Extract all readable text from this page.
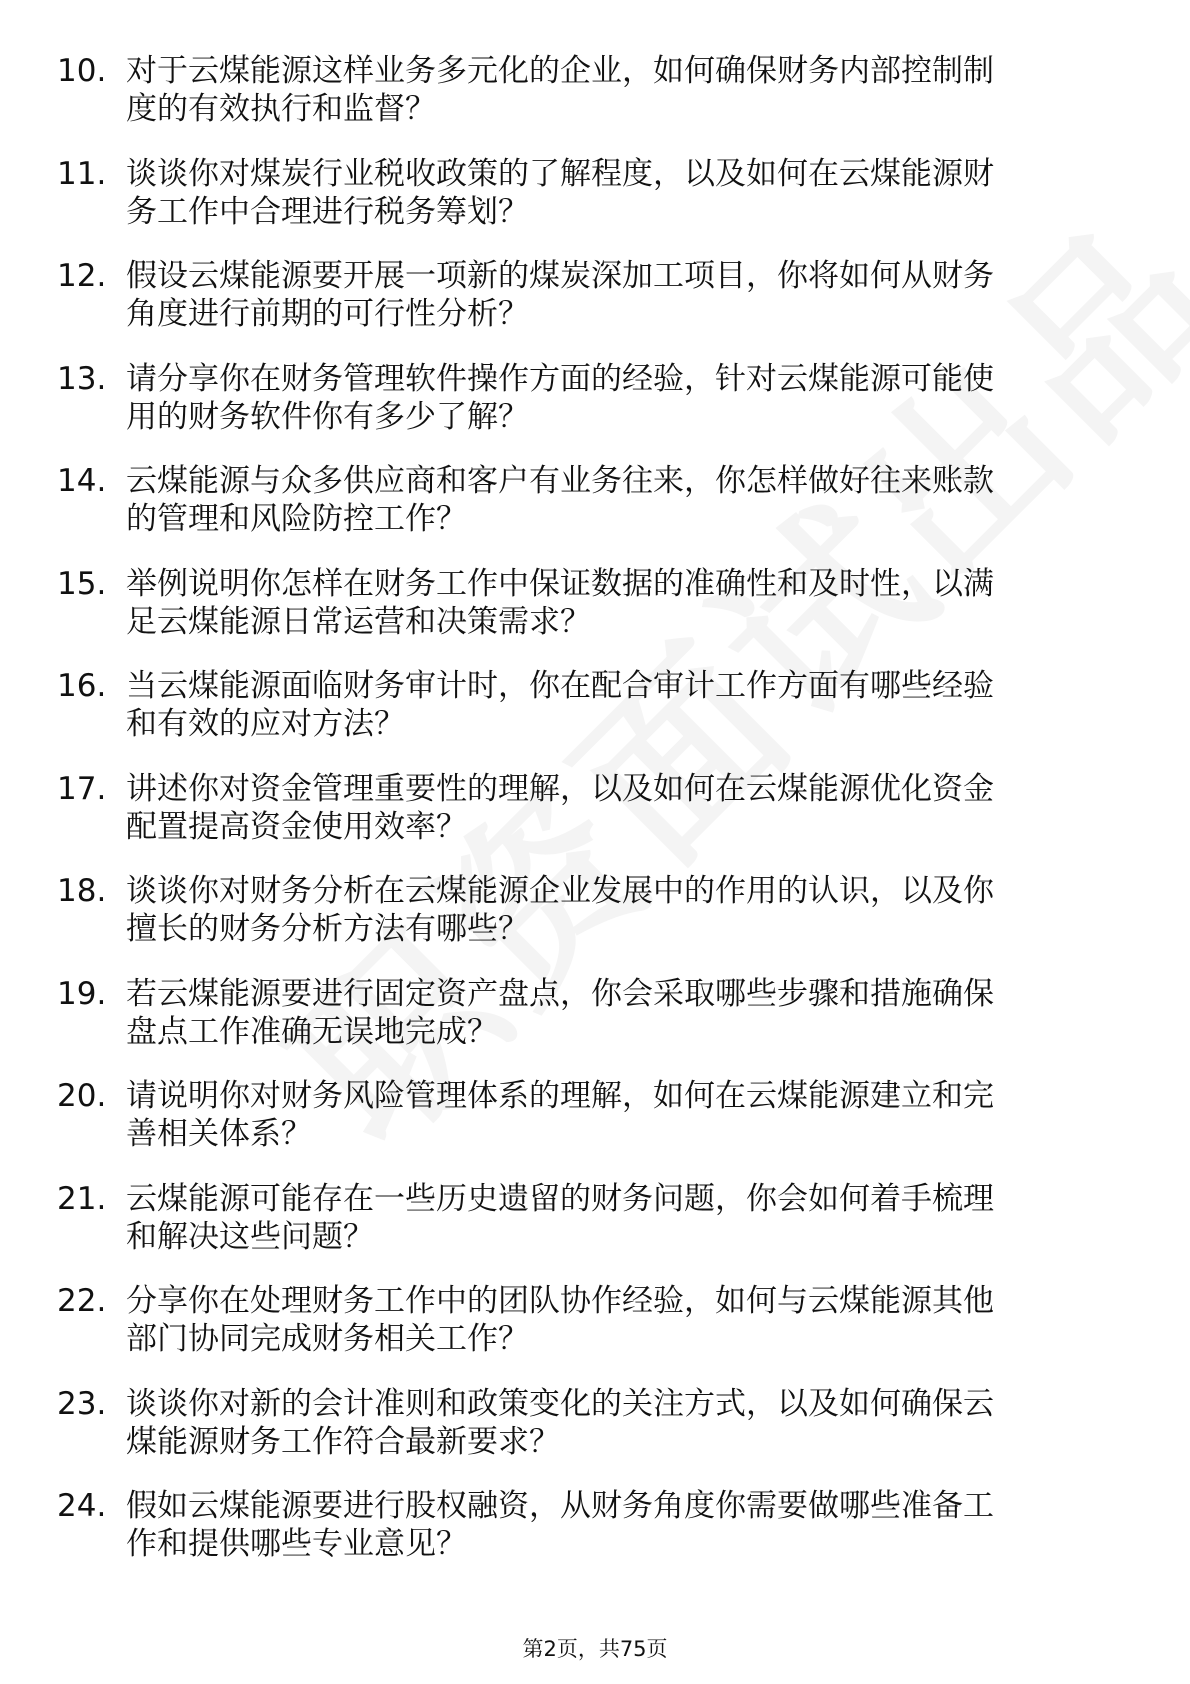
10. 对于云煤能源这样业务多元化的企业，如何确保财务内部控制制
度的有效执行和监督？
11. 谈谈你对煤炭行业税收政策的了解程度，以及如何在云煤能源财
务工作中合理进行税务筹划？
12. 假设云煤能源要开展一项新的煤炭深加工项目，你将如何从财务
角度进行前期的可行性分析？
13. 请分享你在财务管理软件操作方面的经验，针对云煤能源可能使
用的财务软件你有多少了解？
14. 云煤能源与众多供应商和客户有业务往来，你怎样做好往来账款
的管理和风险防控工作？
15. 举例说明你怎样在财务工作中保证数据的准确性和及时性，以满
足云煤能源日常运营和决策需求？
16. 当云煤能源面临财务审计时，你在配合审计工作方面有哪些经验
和有效的应对方法？
17. 讲述你对资金管理重要性的理解，以及如何在云煤能源优化资金
配置提高资金使用效率？
18. 谈谈你对财务分析在云煤能源企业发展中的作用的认识，以及你
擅长的财务分析方法有哪些？
19. 若云煤能源要进行固定资产盘点，你会采取哪些步骤和措施确保
盘点工作准确无误地完成？
20. 请说明你对财务风险管理体系的理解，如何在云煤能源建立和完
善相关体系？
21. 云煤能源可能存在一些历史遗留的财务问题，你会如何着手梳理
和解决这些问题？
22. 分享你在处理财务工作中的团队协作经验，如何与云煤能源其他
部门协同完成财务相关工作？
23. 谈谈你对新的会计准则和政策变化的关注方式，以及如何确保云
煤能源财务工作符合最新要求？
24. 假如云煤能源要进行股权融资，从财务角度你需要做哪些准备工
作和提供哪些专业意见？
第2页，共75页
